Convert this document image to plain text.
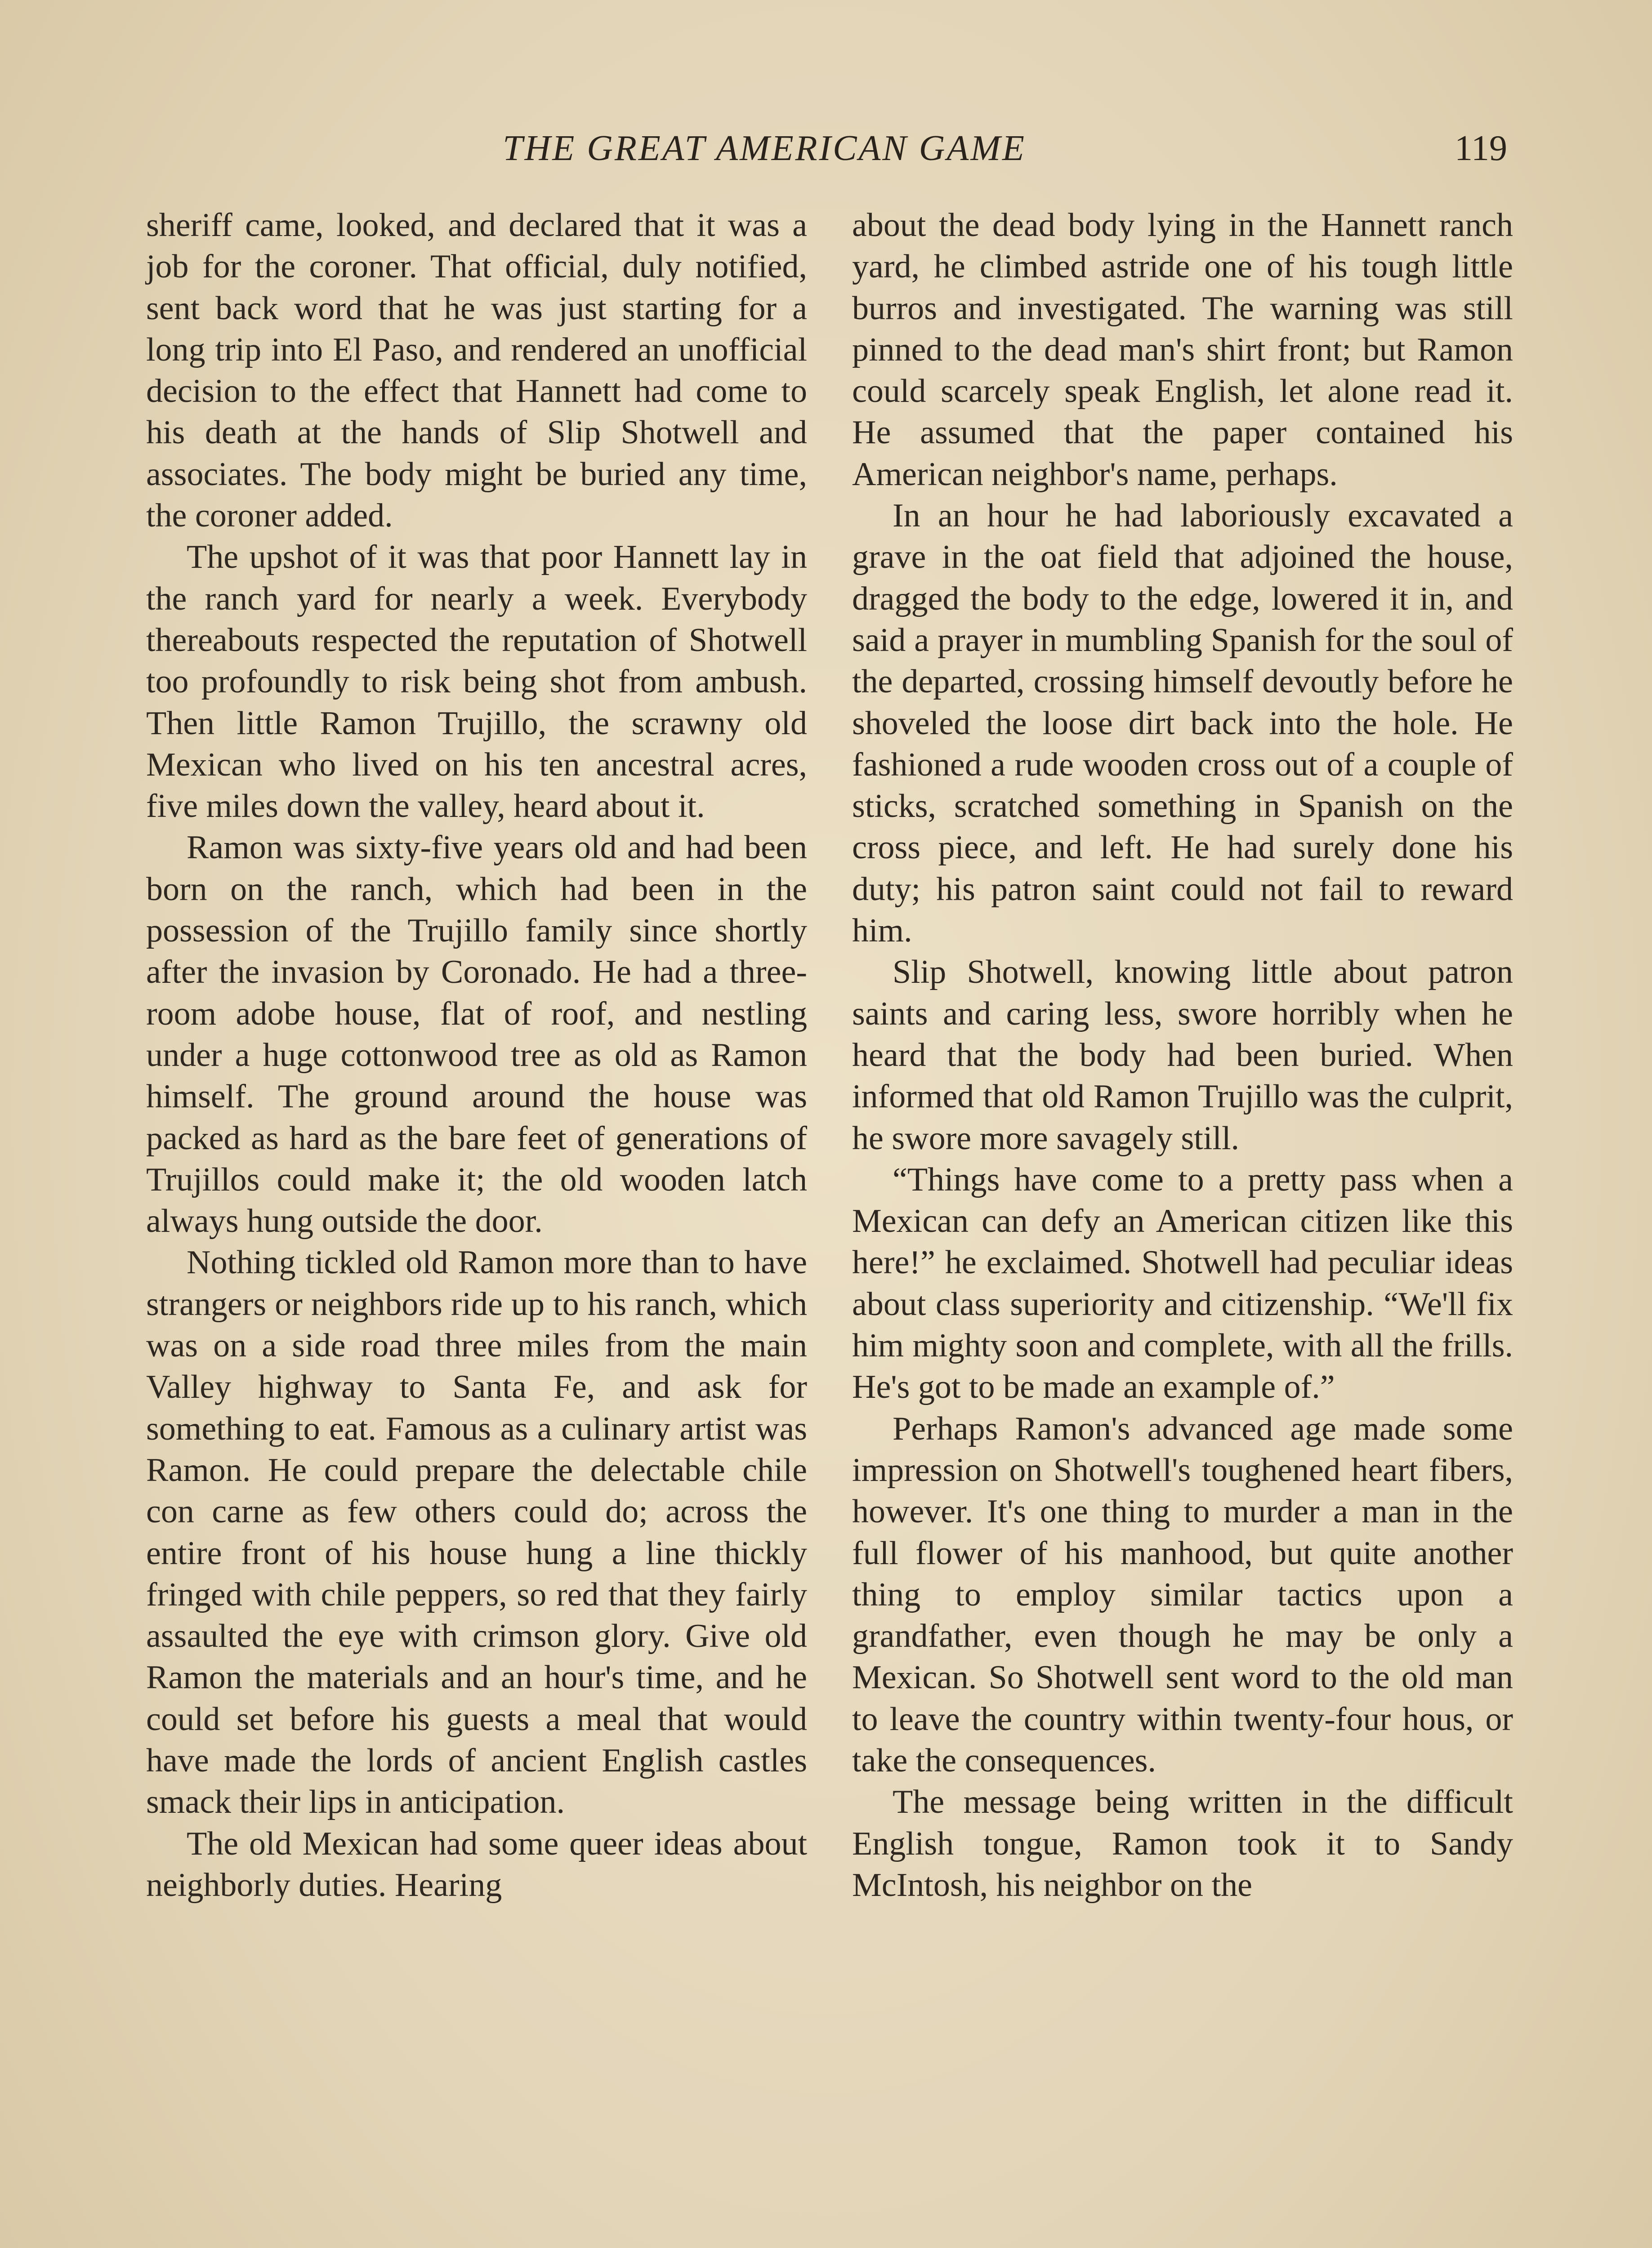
THE GREAT AMERICAN GAME	119

sheriff came, looked, and declared that it was a job for the coroner. That official, duly notified, sent back word that he was just starting for a long trip into El Paso, and rendered an unofficial decision to the effect that Hannett had come to his death at the hands of Slip Shotwell and associates. The body might be buried any time, the coroner added.

The upshot of it was that poor Hannett lay in the ranch yard for nearly a week. Everybody thereabouts respected the reputation of Shotwell too profoundly to risk being shot from ambush. Then little Ramon Trujillo, the scrawny old Mexican who lived on his ten ancestral acres, five miles down the valley, heard about it.

Ramon was sixty-five years old and had been born on the ranch, which had been in the possession of the Trujillo family since shortly after the invasion by Coronado. He had a three-room adobe house, flat of roof, and nestling under a huge cottonwood tree as old as Ramon himself. The ground around the house was packed as hard as the bare feet of generations of Trujillos could make it; the old wooden latch always hung outside the door.

Nothing tickled old Ramon more than to have strangers or neighbors ride up to his ranch, which was on a side road three miles from the main Valley highway to Santa Fe, and ask for something to eat. Famous as a culinary artist was Ramon. He could prepare the delectable chile con carne as few others could do; across the entire front of his house hung a line thickly fringed with chile peppers, so red that they fairly assaulted the eye with crimson glory. Give old Ramon the materials and an hour's time, and he could set before his guests a meal that would have made the lords of ancient English castles smack their lips in anticipation.

The old Mexican had some queer ideas about neighborly duties. Hearing

about the dead body lying in the Hannett ranch yard, he climbed astride one of his tough little burros and investigated. The warning was still pinned to the dead man's shirt front; but Ramon could scarcely speak English, let alone read it. He assumed that the paper contained his American neighbor's name, perhaps.

In an hour he had laboriously excavated a grave in the oat field that adjoined the house, dragged the body to the edge, lowered it in, and said a prayer in mumbling Spanish for the soul of the departed, crossing himself devoutly before he shoveled the loose dirt back into the hole. He fashioned a rude wooden cross out of a couple of sticks, scratched something in Spanish on the cross piece, and left. He had surely done his duty; his patron saint could not fail to reward him.

Slip Shotwell, knowing little about patron saints and caring less, swore horribly when he heard that the body had been buried. When informed that old Ramon Trujillo was the culprit, he swore more savagely still.

“Things have come to a pretty pass when a Mexican can defy an American citizen like this here!” he exclaimed. Shotwell had peculiar ideas about class superiority and citizenship. “We'll fix him mighty soon and complete, with all the frills. He's got to be made an example of.”

Perhaps Ramon's advanced age made some impression on Shotwell's toughened heart fibers, however. It's one thing to murder a man in the full flower of his manhood, but quite another thing to employ similar tactics upon a grandfather, even though he may be only a Mexican. So Shotwell sent word to the old man to leave the country within twenty-four hous, or take the consequences.

The message being written in the difficult English tongue, Ramon took it to Sandy McIntosh, his neighbor on the
